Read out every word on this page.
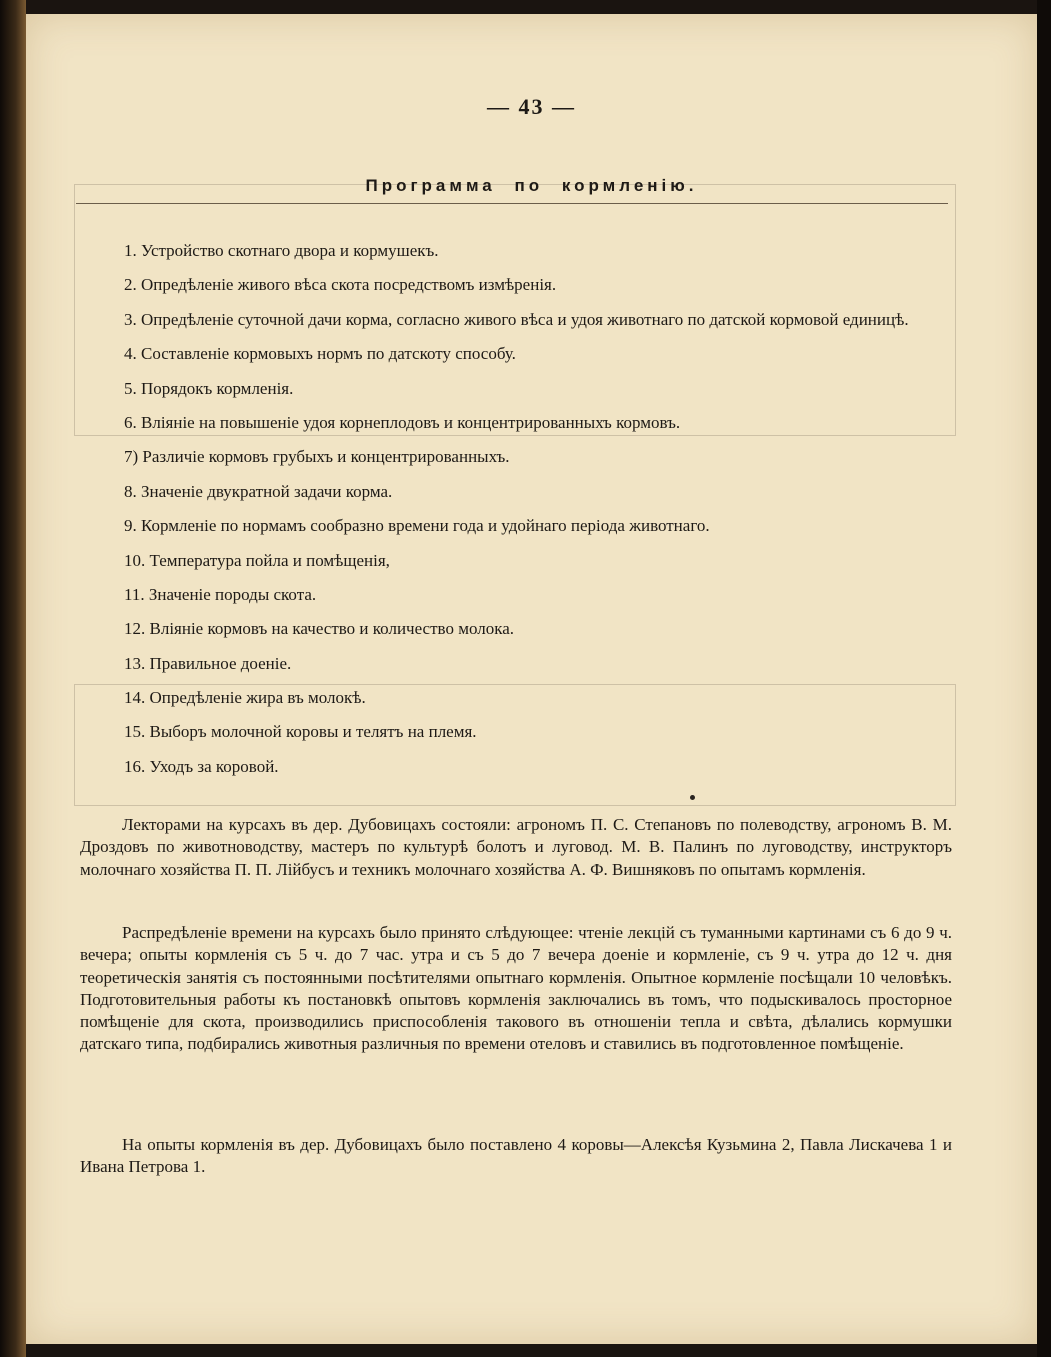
— 43 —
Программа по кормленію.
1. Устройство скотнаго двора и кормушекъ.
2. Опредѣленіе живого вѣса скота посредствомъ измѣренія.
3. Опредѣленіе суточной дачи корма, согласно живого вѣса и удоя животнаго по датской кормовой единицѣ.
4. Составленіе кормовыхъ нормъ по датскоту способу.
5. Порядокъ кормленія.
6. Вліяніе на повышеніе удоя корнеплодовъ и концентрированныхъ кормовъ.
7) Различіе кормовъ грубыхъ и концентрированныхъ.
8. Значеніе двукратной задачи корма.
9. Кормленіе по нормамъ сообразно времени года и удойнаго періода животнаго.
10. Температура пойла и помѣщенія,
11. Значеніе породы скота.
12. Вліяніе кормовъ на качество и количество молока.
13. Правильное доеніе.
14. Опредѣленіе жира въ молокѣ.
15. Выборъ молочной коровы и телятъ на племя.
16. Уходъ за коровой.

Лекторами на курсахъ въ дер. Дубовицахъ состояли: агрономъ П. С. Степановъ по полеводству, агрономъ В. М. Дроздовъ по животноводству, мастеръ по культурѣ болотъ и луговод. М. В. Палинъ по луговодству, инструкторъ молочнаго хозяйства П. П. Лійбусъ и техникъ молочнаго хозяйства А. Ф. Вишняковъ по опытамъ кормленія.

Распредѣленіе времени на курсахъ было принято слѣдующее: чтеніе лекцій съ туманными картинами съ 6 до 9 ч. вечера; опыты кормленія съ 5 ч. до 7 час. утра и съ 5 до 7 вечера доеніе и кормленіе, съ 9 ч. утра до 12 ч. дня теоретическія занятія съ постоянными посѣтителями опытнаго кормленія. Опытное кормленіе посѣщали 10 человѣкъ. Подготовительныя работы къ постановкѣ опытовъ кормленія заключались въ томъ, что подыскивалось просторное помѣщеніе для скота, производились приспособленія такового въ отношеніи тепла и свѣта, дѣлались кормушки датскаго типа, подбирались животныя различныя по времени отеловъ и ставились въ подготовленное помѣщеніе.

На опыты кормленія въ дер. Дубовицахъ было поставлено 4 коровы—Алексѣя Кузьмина 2, Павла Лискачева 1 и Ивана Петрова 1.
